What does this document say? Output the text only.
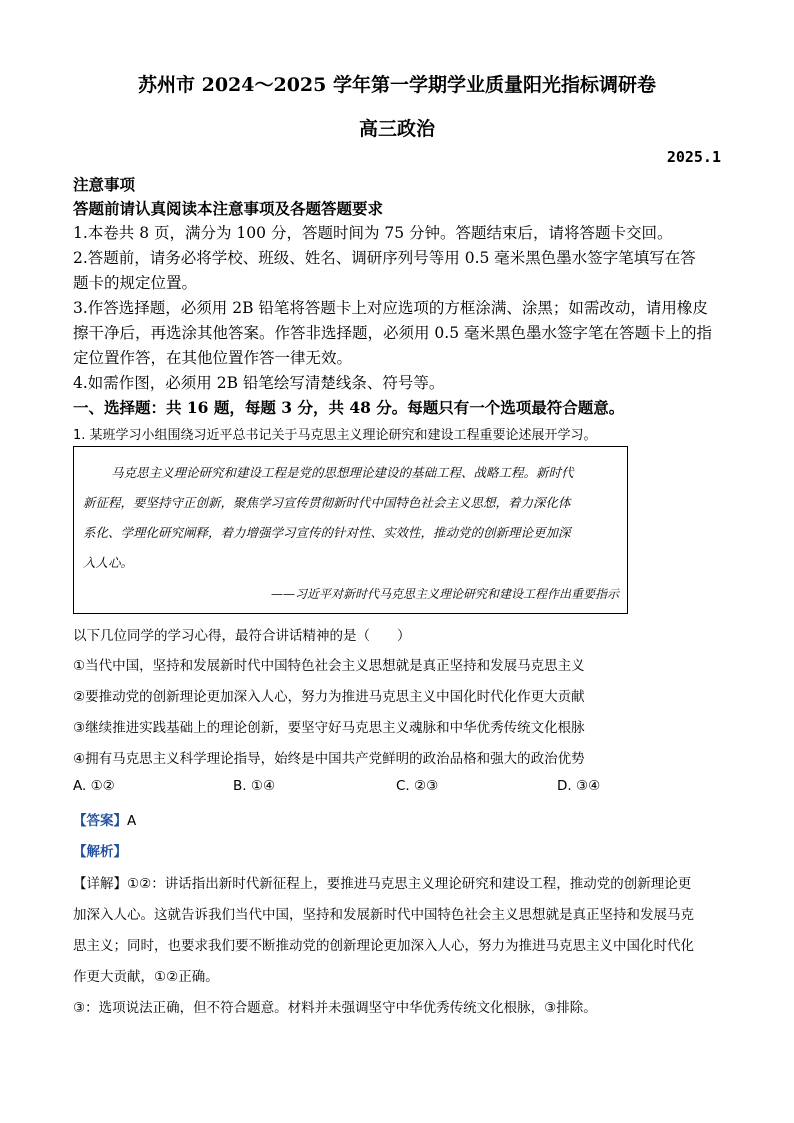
苏州市 2024～2025 学年第一学期学业质量阳光指标调研卷
高三政治
2025.1
注意事项
答题前请认真阅读本注意事项及各题答题要求
1.本卷共 8 页，满分为 100 分，答题时间为 75 分钟。答题结束后，请将答题卡交回。
2.答题前，请务必将学校、班级、姓名、调研序列号等用 0.5 毫米黑色墨水签字笔填写在答
题卡的规定位置。
3.作答选择题，必须用 2B 铅笔将答题卡上对应选项的方框涂满、涂黑；如需改动，请用橡皮
擦干净后，再选涂其他答案。作答非选择题，必须用 0.5 毫米黑色墨水签字笔在答题卡上的指
定位置作答，在其他位置作答一律无效。
4.如需作图，必须用 2B 铅笔绘写清楚线条、符号等。
一、选择题：共 16 题，每题 3 分，共 48 分。每题只有一个选项最符合题意。
1. 某班学习小组围绕习近平总书记关于马克思主义理论研究和建设工程重要论述展开学习。
马克思主义理论研究和建设工程是党的思想理论建设的基础工程、战略工程。新时代
新征程，要坚持守正创新，聚焦学习宣传贯彻新时代中国特色社会主义思想，着力深化体
系化、学理化研究阐释，着力增强学习宣传的针对性、实效性，推动党的创新理论更加深
入人心。
——习近平对新时代马克思主义理论研究和建设工程作出重要指示
以下几位同学的学习心得，最符合讲话精神的是（　　）
①当代中国，坚持和发展新时代中国特色社会主义思想就是真正坚持和发展马克思主义
②要推动党的创新理论更加深入人心，努力为推进马克思主义中国化时代化作更大贡献
③继续推进实践基础上的理论创新，要坚守好马克思主义魂脉和中华优秀传统文化根脉
④拥有马克思主义科学理论指导，始终是中国共产党鲜明的政治品格和强大的政治优势
A. ①②	B. ①④	C. ②③	D. ③④
【答案】A
【解析】
【详解】①②：讲话指出新时代新征程上，要推进马克思主义理论研究和建设工程，推动党的创新理论更
加深入人心。这就告诉我们当代中国，坚持和发展新时代中国特色社会主义思想就是真正坚持和发展马克
思主义；同时，也要求我们要不断推动党的创新理论更加深入人心，努力为推进马克思主义中国化时代化
作更大贡献，①②正确。
③：选项说法正确，但不符合题意。材料并未强调坚守中华优秀传统文化根脉，③排除。
